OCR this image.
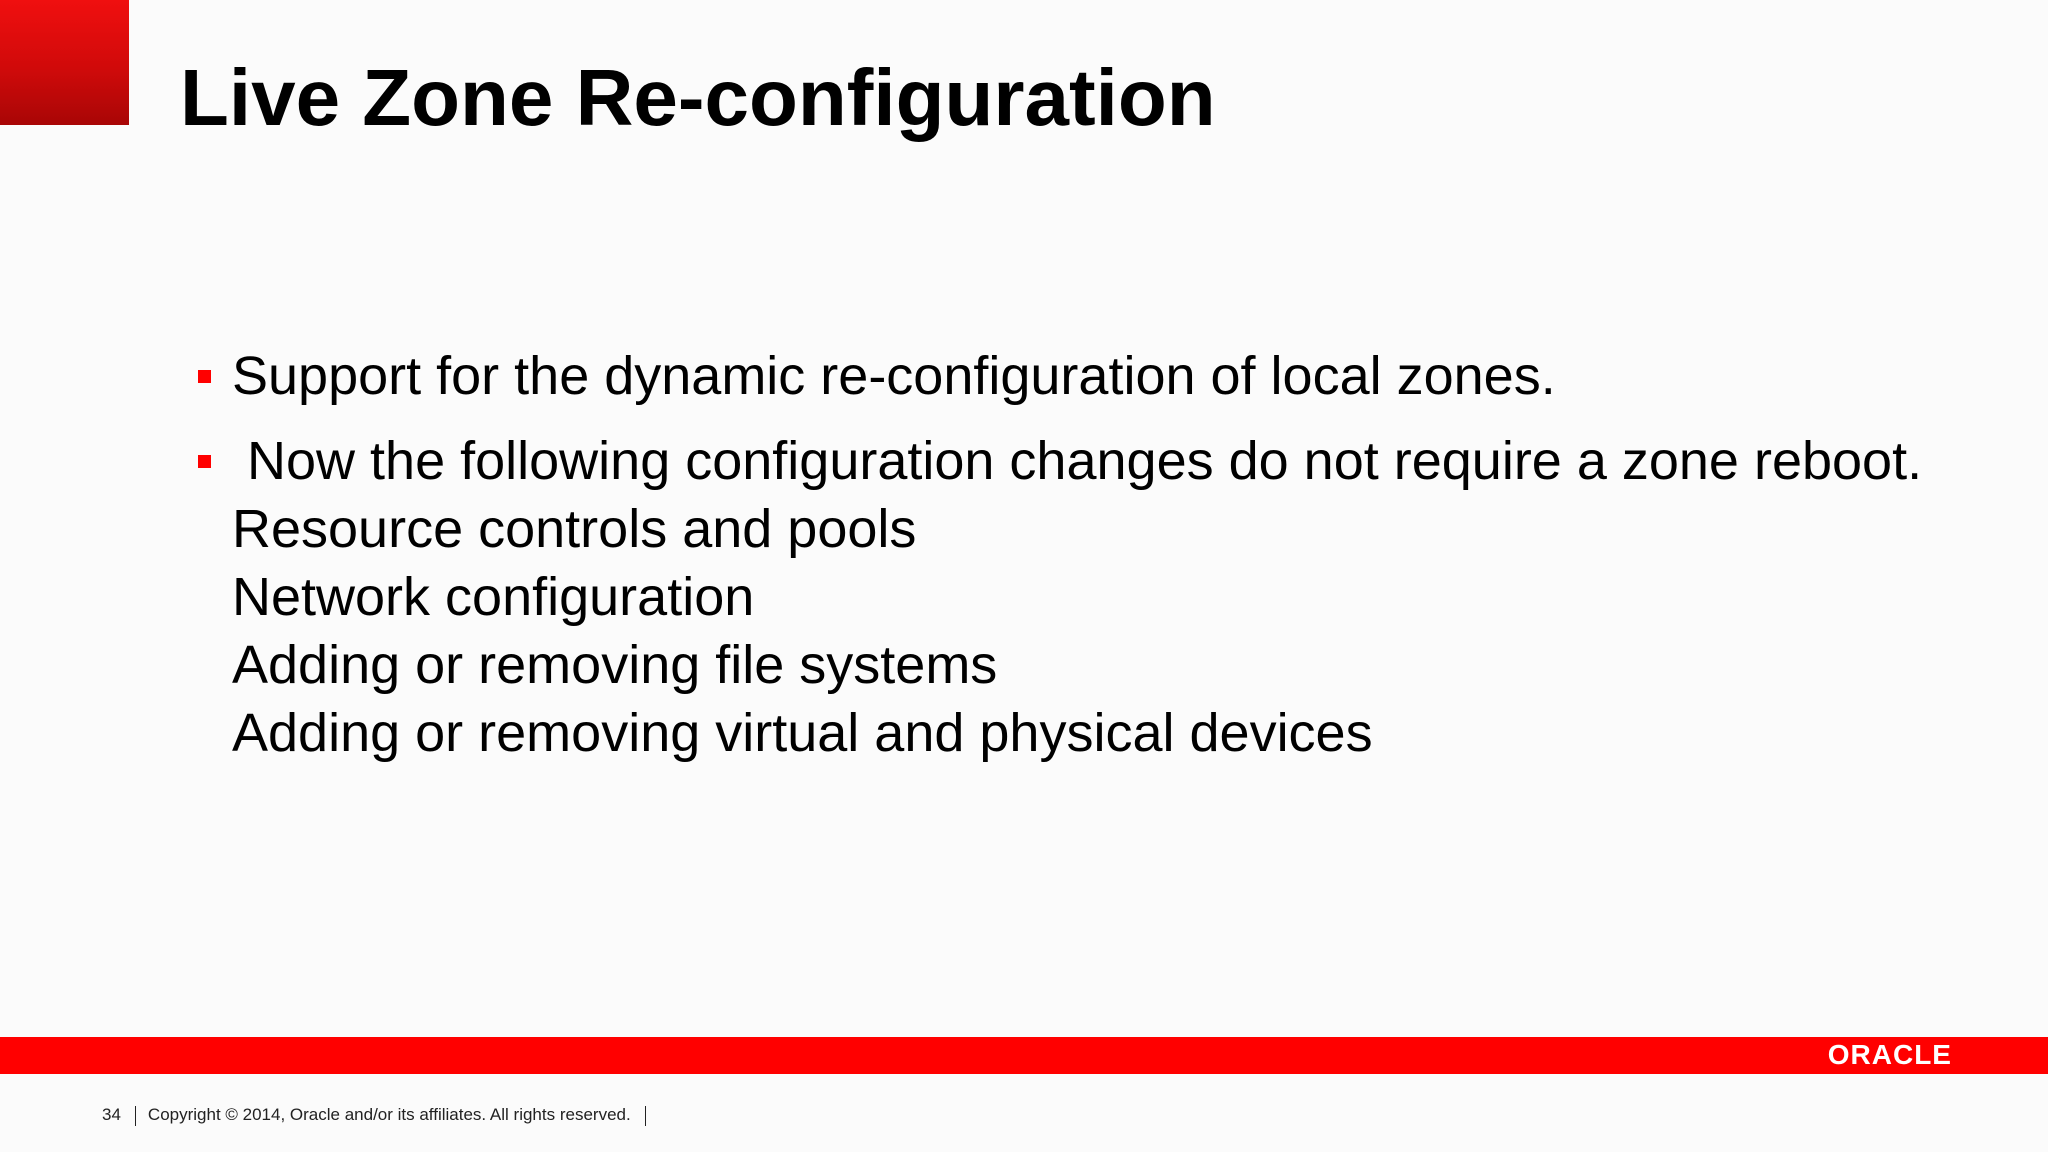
Live Zone Re-configuration
Support for the dynamic re-configuration of local zones.
Now the following configuration changes do not require a zone reboot.
Resource controls and pools
Network configuration
Adding or removing file systems
Adding or removing virtual and physical devices
ORACLE
34 Copyright © 2014, Oracle and/or its affiliates. All rights reserved.
